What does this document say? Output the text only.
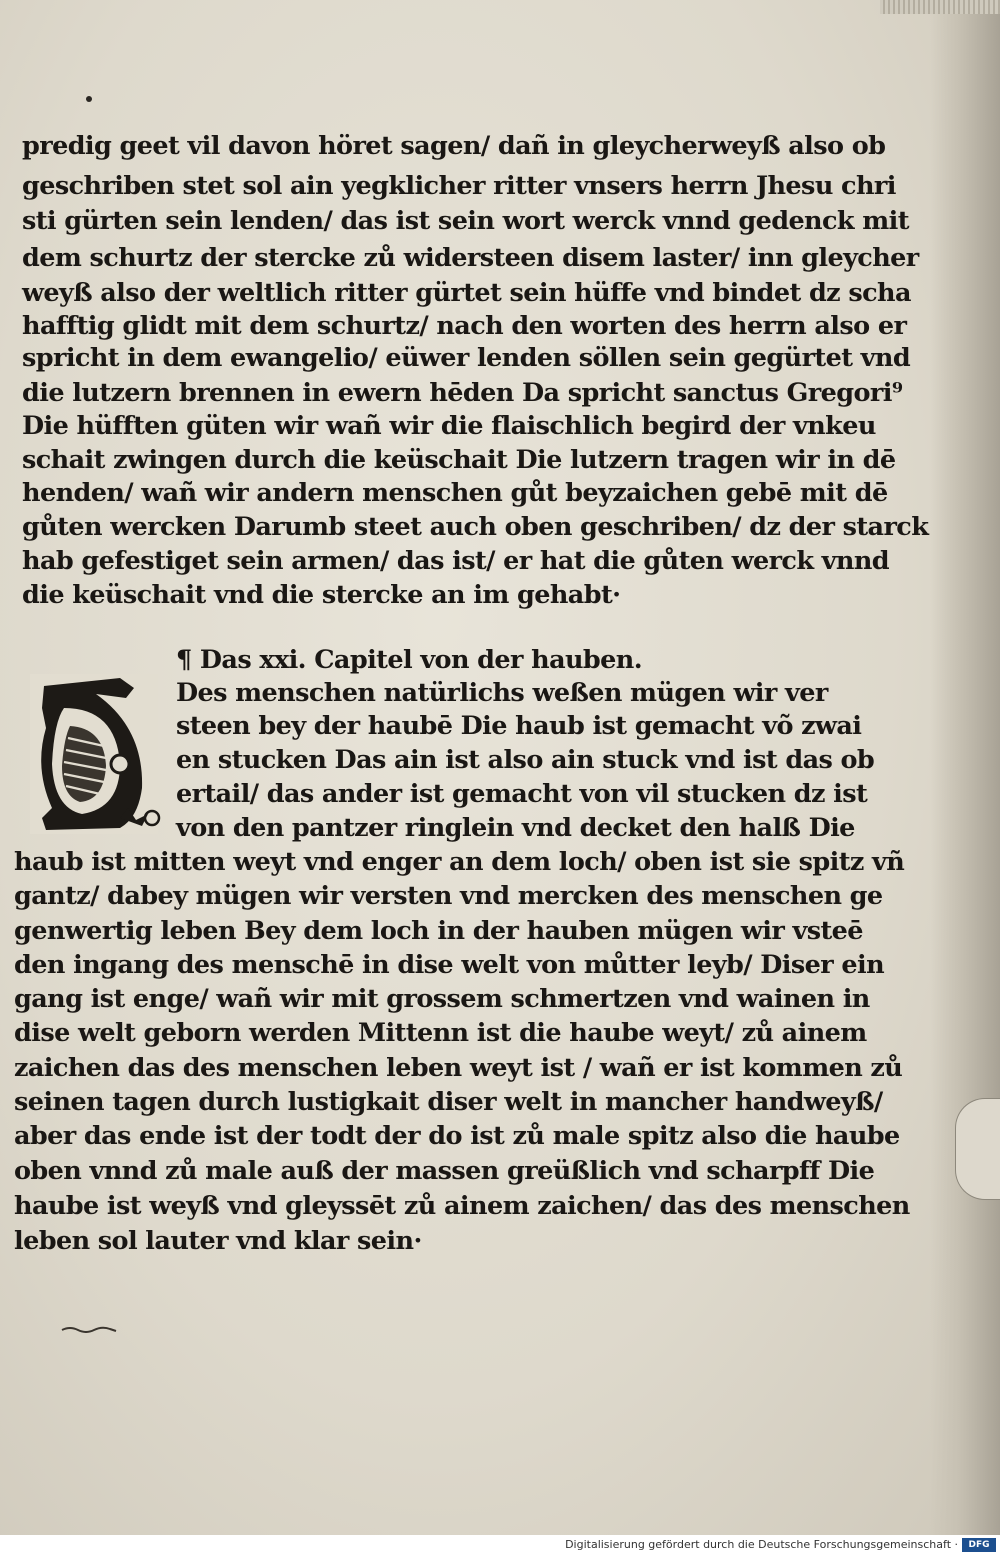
predig geet vil davon höret sagen/ dañ in gleycherweyß also ob

geschriben stet sol ain yegklicher ritter vnsers herrn Jhesu chri

sti gürten sein lenden/ das ist sein wort werck vnnd gedenck mit

dem schurtz der stercke zů widersteen disem laster/ inn gleycher

weyß also der weltlich ritter gürtet sein hüffe vnd bindet dz scha

hafftig glidt mit dem schurtz/ nach den worten des herrn also er

spricht in dem ewangelio/ eüwer lenden söllen sein gegürtet vnd

die lutzern brennen in ewern hēden Da spricht sanctus Gregori⁹

Die hüfften güten wir wañ wir die flaischlich begird der vnkeu

schait zwingen durch die keüschait Die lutzern tragen wir in dē

henden/ wañ wir andern menschen gůt beyzaichen gebē mit dē

gůten wercken Darumb steet auch oben geschriben/ dz der starck

hab gefestiget sein armen/ das ist/ er hat die gůten werck vnnd

die keüschait vnd die stercke an im gehabt·

¶ Das xxi. Capitel von der hauben.

Des menschen natürlichs weßen mügen wir ver

steen bey der haubē Die haub ist gemacht võ zwai

en stucken Das ain ist also ain stuck vnd ist das ob

ertail/ das ander ist gemacht von vil stucken dz ist

von den pantzer ringlein vnd decket den halß Die

haub ist mitten weyt vnd enger an dem loch/ oben ist sie spitz vñ

gantz/ dabey mügen wir versten vnd mercken des menschen ge

genwertig leben Bey dem loch in der hauben mügen wir vsteē

den ingang des menschē in dise welt von můtter leyb/ Diser ein

gang ist enge/ wañ wir mit grossem schmertzen vnd wainen in

dise welt geborn werden Mittenn ist die haube weyt/ zů ainem

zaichen das des menschen leben weyt ist / wañ er ist kommen zů

seinen tagen durch lustigkait diser welt in mancher handweyß/

aber das ende ist der todt der do ist zů male spitz also die haube

oben vnnd zů male auß der massen greüßlich vnd scharpff Die

haube ist weyß vnd gleyssēt zů ainem zaichen/ das des menschen

leben sol lauter vnd klar sein·

Digitalisierung gefördert durch die Deutsche Forschungsgemeinschaft ·	DFG
